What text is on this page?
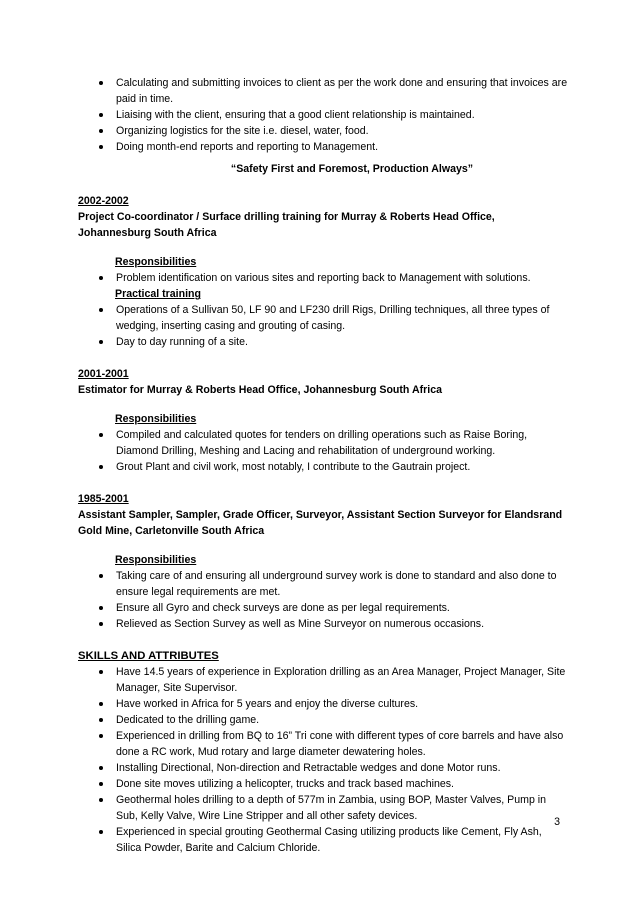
Calculating and submitting invoices to client as per the work done and ensuring that invoices are paid in time.
Liaising with the client, ensuring that a good client relationship is maintained.
Organizing logistics for the site i.e. diesel, water, food.
Doing month-end reports and reporting to Management.
“Safety First and Foremost, Production Always”
2002-2002
Project Co-coordinator / Surface drilling training for Murray & Roberts Head Office, Johannesburg South Africa
Responsibilities
Problem identification on various sites and reporting back to Management with solutions.
Practical training
Operations of a Sullivan 50, LF 90 and LF230 drill Rigs, Drilling techniques, all three types of wedging, inserting casing and grouting of casing.
Day to day running of a site.
2001-2001
Estimator for Murray & Roberts Head Office, Johannesburg South Africa
Responsibilities
Compiled and calculated quotes for tenders on drilling operations such as Raise Boring, Diamond Drilling, Meshing and Lacing and rehabilitation of underground working.
Grout Plant and civil work, most notably, I contribute to the Gautrain project.
1985-2001
Assistant Sampler, Sampler, Grade Officer, Surveyor, Assistant Section Surveyor for Elandsrand Gold Mine, Carletonville South Africa
Responsibilities
Taking care of and ensuring all underground survey work is done to standard and also done to ensure legal requirements are met.
Ensure all Gyro and check surveys are done as per legal requirements.
Relieved as Section Survey as well as Mine Surveyor on numerous occasions.
SKILLS AND ATTRIBUTES
Have 14.5 years of experience in Exploration drilling as an Area Manager, Project Manager, Site Manager, Site Supervisor.
Have worked in Africa for 5 years and enjoy the diverse cultures.
Dedicated to the drilling game.
Experienced in drilling from BQ to 16” Tri cone with different types of core barrels and have also done a RC work, Mud rotary and large diameter dewatering holes.
Installing Directional, Non-direction and Retractable wedges and done Motor runs.
Done site moves utilizing a helicopter, trucks and track based machines.
Geothermal holes drilling to a depth of 577m in Zambia, using BOP, Master Valves, Pump in Sub, Kelly Valve, Wire Line Stripper and all other safety devices.
Experienced in special grouting Geothermal Casing utilizing products like Cement, Fly Ash, Silica Powder, Barite and Calcium Chloride.
3
